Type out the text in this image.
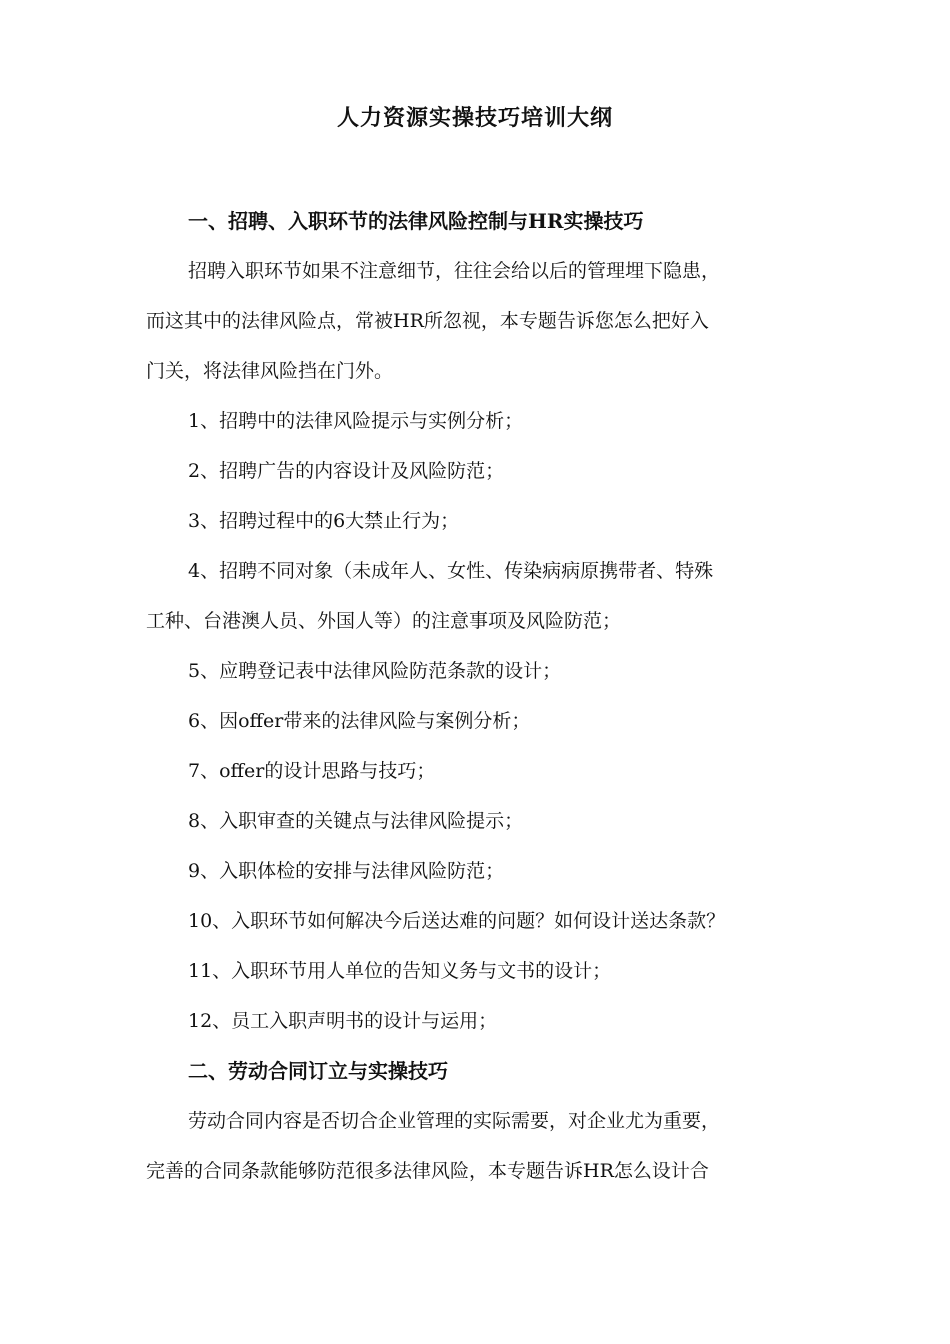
人力资源实操技巧培训大纲
一、招聘、入职环节的法律风险控制与HR实操技巧
招聘入职环节如果不注意细节，往往会给以后的管理埋下隐患，
而这其中的法律风险点，常被HR所忽视，本专题告诉您怎么把好入
门关，将法律风险挡在门外。
1、招聘中的法律风险提示与实例分析；
2、招聘广告的内容设计及风险防范；
3、招聘过程中的6大禁止行为；
4、招聘不同对象（未成年人、女性、传染病病原携带者、特殊
工种、台港澳人员、外国人等）的注意事项及风险防范；
5、应聘登记表中法律风险防范条款的设计；
6、因offer带来的法律风险与案例分析；
7、offer的设计思路与技巧；
8、入职审查的关键点与法律风险提示；
9、入职体检的安排与法律风险防范；
10、入职环节如何解决今后送达难的问题？如何设计送达条款？
11、入职环节用人单位的告知义务与文书的设计；
12、员工入职声明书的设计与运用；
二、劳动合同订立与实操技巧
劳动合同内容是否切合企业管理的实际需要，对企业尤为重要，
完善的合同条款能够防范很多法律风险，本专题告诉HR怎么设计合
